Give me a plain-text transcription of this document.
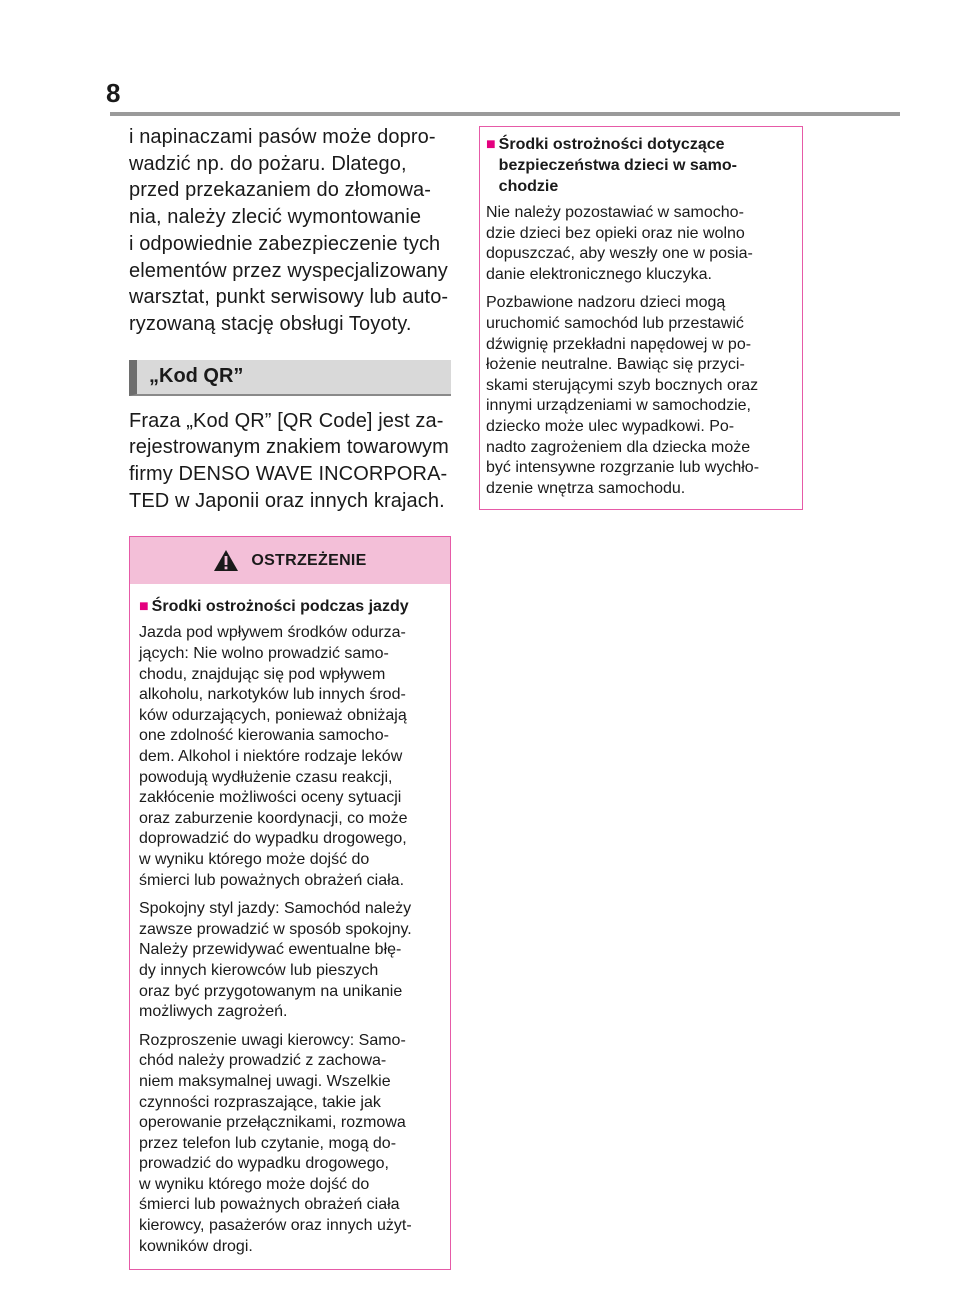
8

i napinaczami pasów może dopro-
wadzić np. do pożaru. Dlatego,
przed przekazaniem do złomowa-
nia, należy zlecić wymontowanie
i odpowiednie zabezpieczenie tych
elementów przez wyspecjalizowany
warsztat, punkt serwisowy lub auto-
ryzowaną stację obsługi Toyoty.

„Kod QR”

Fraza „Kod QR” [QR Code] jest za-
rejestrowanym znakiem towarowym
firmy DENSO WAVE INCORPORA-
TED w Japonii oraz innych krajach.

OSTRZEŻENIE
■ Środki ostrożności podczas jazdy

Jazda pod wpływem środków odurza-
jących: Nie wolno prowadzić samo-
chodu, znajdując się pod wpływem
alkoholu, narkotyków lub innych środ-
ków odurzających, ponieważ obniżają
one zdolność kierowania samocho-
dem. Alkohol i niektóre rodzaje leków
powodują wydłużenie czasu reakcji,
zakłócenie możliwości oceny sytuacji
oraz zaburzenie koordynacji, co może
doprowadzić do wypadku drogowego,
w wyniku którego może dojść do
śmierci lub poważnych obrażeń ciała.

Spokojny styl jazdy: Samochód należy
zawsze prowadzić w sposób spokojny.
Należy przewidywać ewentualne błę-
dy innych kierowców lub pieszych
oraz być przygotowanym na unikanie
możliwych zagrożeń.

Rozproszenie uwagi kierowcy: Samo-
chód należy prowadzić z zachowa-
niem maksymalnej uwagi. Wszelkie
czynności rozpraszające, takie jak
operowanie przełącznikami, rozmowa
przez telefon lub czytanie, mogą do-
prowadzić do wypadku drogowego,
w wyniku którego może dojść do
śmierci lub poważnych obrażeń ciała
kierowcy, pasażerów oraz innych użyt-
kowników drogi.

■ Środki ostrożności dotyczące
bezpieczeństwa dzieci w samo-
chodzie

Nie należy pozostawiać w samocho-
dzie dzieci bez opieki oraz nie wolno
dopuszczać, aby weszły one w posia-
danie elektronicznego kluczyka.

Pozbawione nadzoru dzieci mogą
uruchomić samochód lub przestawić
dźwignię przekładni napędowej w po-
łożenie neutralne. Bawiąc się przyci-
skami sterującymi szyb bocznych oraz
innymi urządzeniami w samochodzie,
dziecko może ulec wypadkowi. Po-
nadto zagrożeniem dla dziecka może
być intensywne rozgrzanie lub wychło-
dzenie wnętrza samochodu.
